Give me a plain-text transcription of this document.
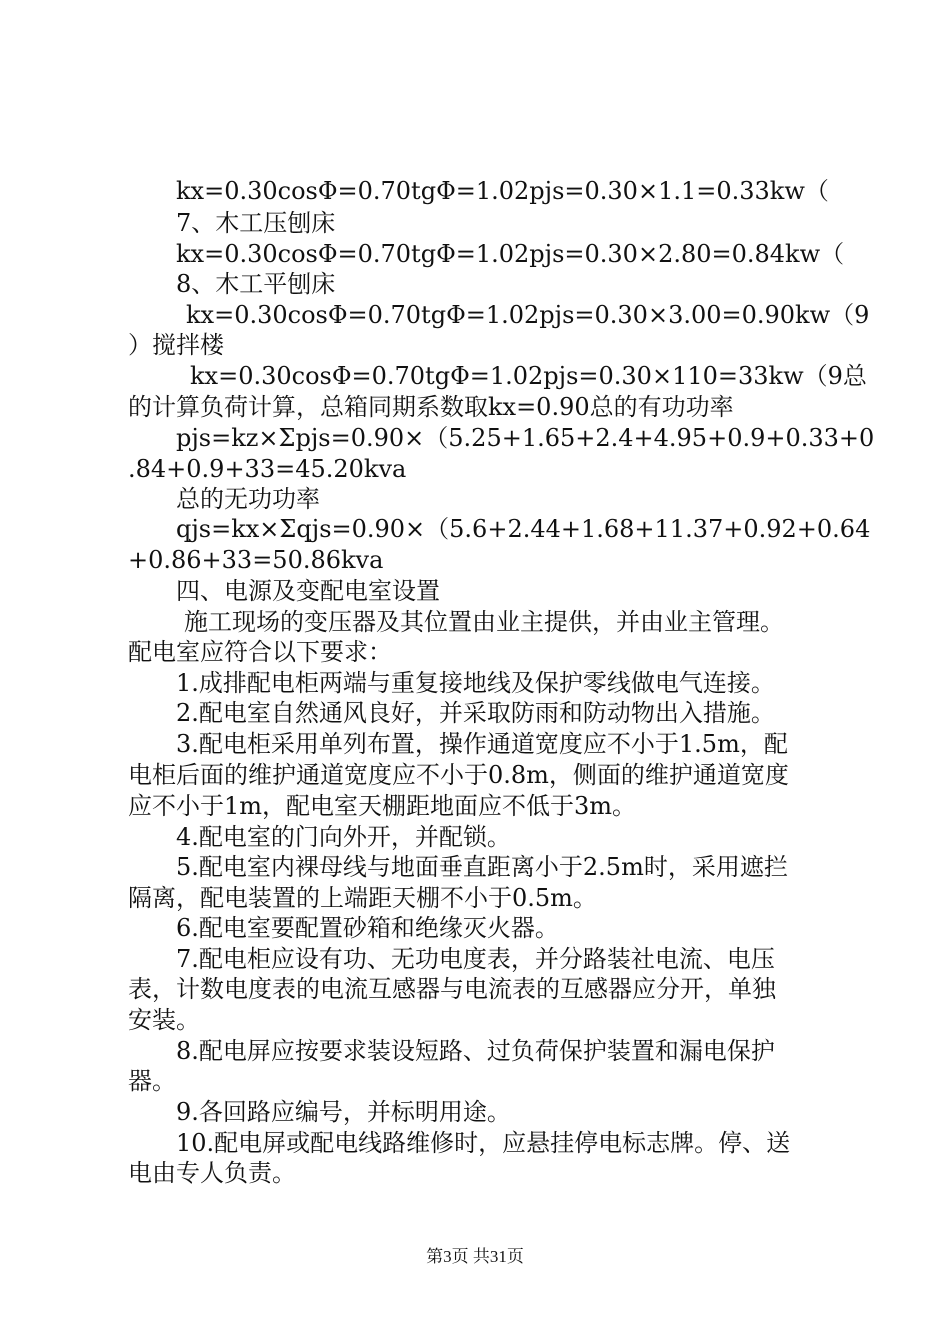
kx=0.30cosΦ=0.70tgΦ=1.02pjs=0.30×1.1=0.33kw（
7、木工压刨床
kx=0.30cosΦ=0.70tgΦ=1.02pjs=0.30×2.80=0.84kw（
8、木工平刨床
kx=0.30cosΦ=0.70tgΦ=1.02pjs=0.30×3.00=0.90kw（9
）搅拌楼
kx=0.30cosΦ=0.70tgΦ=1.02pjs=0.30×110=33kw（9总
的计算负荷计算，总箱同期系数取kx=0.90总的有功功率
pjs=kz×Σpjs=0.90×（5.25+1.65+2.4+4.95+0.9+0.33+0
.84+0.9+33=45.20kva
总的无功功率
qjs=kx×Σqjs=0.90×（5.6+2.44+1.68+11.37+0.92+0.64
+0.86+33=50.86kva
四、电源及变配电室设置
施工现场的变压器及其位置由业主提供，并由业主管理。
配电室应符合以下要求：
1.成排配电柜两端与重复接地线及保护零线做电气连接。
2.配电室自然通风良好，并采取防雨和防动物出入措施。
3.配电柜采用单列布置，操作通道宽度应不小于1.5m，配
电柜后面的维护通道宽度应不小于0.8m，侧面的维护通道宽度
应不小于1m，配电室天棚距地面应不低于3m。
4.配电室的门向外开，并配锁。
5.配电室内裸母线与地面垂直距离小于2.5m时，采用遮拦
隔离，配电装置的上端距天棚不小于0.5m。
6.配电室要配置砂箱和绝缘灭火器。
7.配电柜应设有功、无功电度表，并分路装社电流、电压
表，计数电度表的电流互感器与电流表的互感器应分开，单独
安装。
8.配电屏应按要求装设短路、过负荷保护装置和漏电保护
器。
9.各回路应编号，并标明用途。
10.配电屏或配电线路维修时，应悬挂停电标志牌。停、送
电由专人负责。
第3页 共31页
